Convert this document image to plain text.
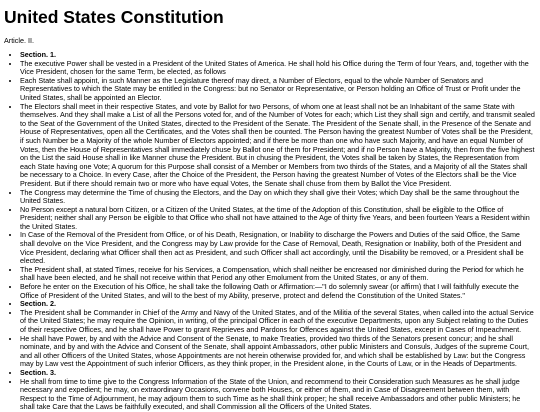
United States Constitution
Article. II.
• Section. 1.
• The executive Power shall be vested in a President of the United States of America. He shall hold his Office during the Term of four Years, and, together with the Vice President, chosen for the same Term, be elected, as follows
• Each State shall appoint, in such Manner as the Legislature thereof may direct, a Number of Electors, equal to the whole Number of Senators and Representatives to which the State may be entitled in the Congress: but no Senator or Representative, or Person holding an Office of Trust or Profit under the United States, shall be appointed an Elector.
• The Electors shall meet in their respective States, and vote by Ballot for two Persons, of whom one at least shall not be an Inhabitant of the same State with themselves. And they shall make a List of all the Persons voted for, and of the Number of Votes for each; which List they shall sign and certify, and transmit sealed to the Seat of the Government of the United States, directed to the President of the Senate. The President of the Senate shall, in the Presence of the Senate and House of Representatives, open all the Certificates, and the Votes shall then be counted. The Person having the greatest Number of Votes shall be the President, if such Number be a Majority of the whole Number of Electors appointed; and if there be more than one who have such Majority, and have an equal Number of Votes, then the House of Representatives shall immediately chuse by Ballot one of them for President; and if no Person have a Majority, then from the five highest on the List the said House shall in like Manner chuse the President. But in chusing the President, the Votes shall be taken by States, the Representation from each State having one Vote; A quorum for this Purpose shall consist of a Member or Members from two thirds of the States, and a Majority of all the States shall be necessary to a Choice. In every Case, after the Choice of the President, the Person having the greatest Number of Votes of the Electors shall be the Vice President. But if there should remain two or more who have equal Votes, the Senate shall chuse from them by Ballot the Vice President.
• The Congress may determine the Time of chusing the Electors, and the Day on which they shall give their Votes; which Day shall be the same throughout the United States.
• No Person except a natural born Citizen, or a Citizen of the United States, at the time of the Adoption of this Constitution, shall be eligible to the Office of President; neither shall any Person be eligible to that Office who shall not have attained to the Age of thirty five Years, and been fourteen Years a Resident within the United States.
• In Case of the Removal of the President from Office, or of his Death, Resignation, or Inability to discharge the Powers and Duties of the said Office, the Same shall devolve on the Vice President, and the Congress may by Law provide for the Case of Removal, Death, Resignation or Inability, both of the President and Vice President, declaring what Officer shall then act as President, and such Officer shall act accordingly, until the Disability be removed, or a President shall be elected.
• The President shall, at stated Times, receive for his Services, a Compensation, which shall neither be encreased nor diminished during the Period for which he shall have been elected, and he shall not receive within that Period any other Emolument from the United States, or any of them.
• Before he enter on the Execution of his Office, he shall take the following Oath or Affirmation:—"I do solemnly swear (or affirm) that I will faithfully execute the Office of President of the United States, and will to the best of my Ability, preserve, protect and defend the Constitution of the United States."
• Section. 2.
• The President shall be Commander in Chief of the Army and Navy of the United States, and of the Militia of the several States, when called into the actual Service of the United States; he may require the Opinion, in writing, of the principal Officer in each of the executive Departments, upon any Subject relating to the Duties of their respective Offices, and he shall have Power to grant Reprieves and Pardons for Offences against the United States, except in Cases of Impeachment.
• He shall have Power, by and with the Advice and Consent of the Senate, to make Treaties, provided two thirds of the Senators present concur; and he shall nominate, and by and with the Advice and Consent of the Senate, shall appoint Ambassadors, other public Ministers and Consuls, Judges of the supreme Court, and all other Officers of the United States, whose Appointments are not herein otherwise provided for, and which shall be established by Law: but the Congress may by Law vest the Appointment of such inferior Officers, as they think proper, in the President alone, in the Courts of Law, or in the Heads of Departments.
• Section. 3.
• He shall from time to time give to the Congress Information of the State of the Union, and recommend to their Consideration such Measures as he shall judge necessary and expedient; he may, on extraordinary Occasions, convene both Houses, or either of them, and in Case of Disagreement between them, with Respect to the Time of Adjournment, he may adjourn them to such Time as he shall think proper; he shall receive Ambassadors and other public Ministers; he shall take Care that the Laws be faithfully executed, and shall Commission all the Officers of the United States.
